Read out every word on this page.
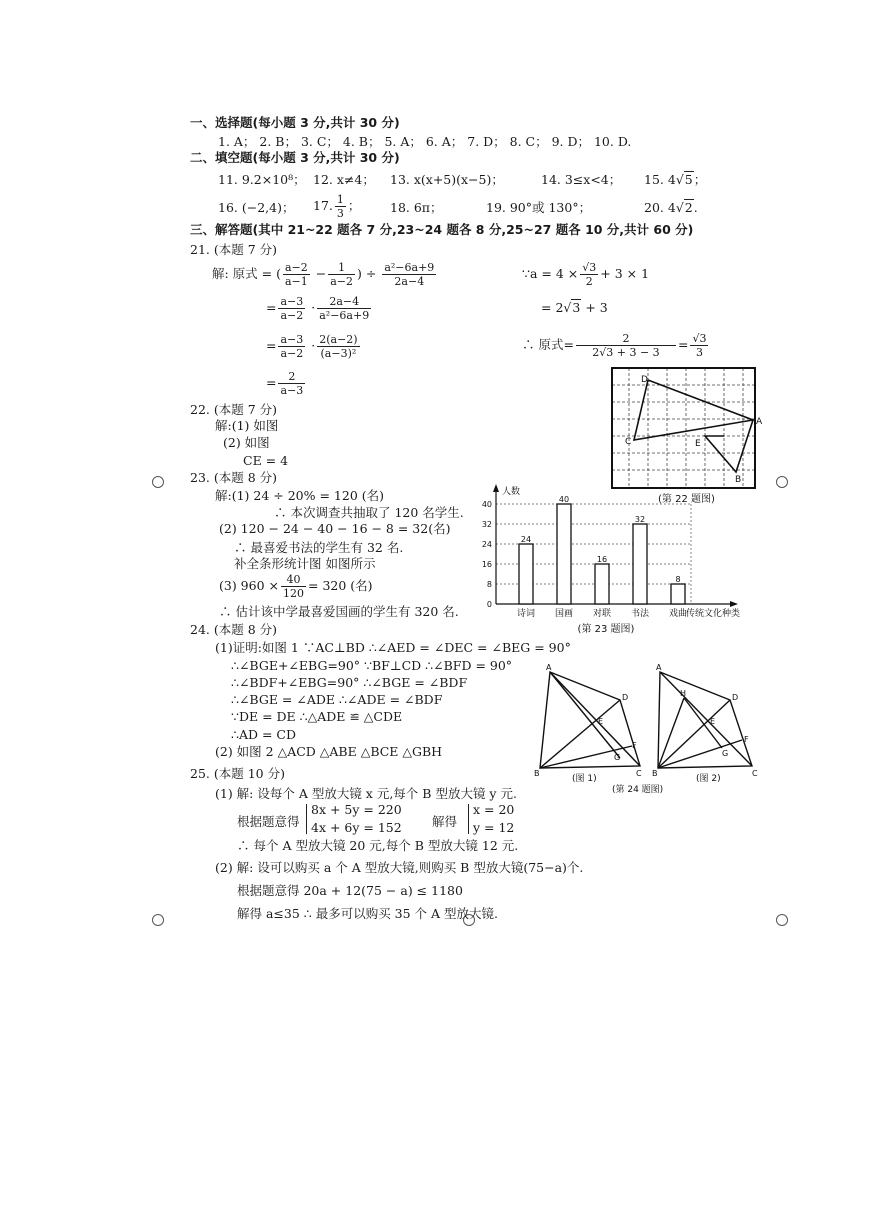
一、选择题(每小题 3 分,共计 30 分)
1. A； 2. B； 3. C； 4. B； 5. A； 6. A； 7. D； 8. C； 9. D； 10. D.
二、填空题(每小题 3 分,共计 30 分)
11. 9.2×10⁸； 12. x≠4； 13. x(x+5)(x−5)；	14. 3≤x<4； 15. 4√5；
16. (−2,4)； 17. $\frac{1}{3}$ ； 18. 6π；	19. 90°或 130°；	20. 4√2.
三、解答题(其中 21~22 题各 7 分,23~24 题各 8 分,25~27 题各 10 分,共计 60 分)
21. (本题 7 分)
解: 原式 = ( $\frac{a-2}{a-1} - \frac{1}{a-2}$ ) ÷ $\frac{\text{a²−6a+9}}{2a-4}$
= $\frac{a-3}{a-2} \cdot \frac{2a-4}{\text{a²−6a+9}}$
= $\frac{a-3}{a-2} \cdot \frac{2(a-2)}{\text{(a−3)²}}$
= $\frac{2}{a-3}$
∵a = $4 \times \frac{√3}{2} + 3 \times 1$
= 2√3 + 3
∴ 原式= $\frac{2}{2√3 + 3 - 3} = \frac{√3}{3}$
22. (本题 7 分)
解:(1) 如图
(2) 如图
CE = 4
D
A
C	E
B
(第 22 题图)
23. (本题 8 分)
解:(1) 24 ÷ 20% = 120 (名)
∴ 本次调查共抽取了 120 名学生.
(2) 120 − 24 − 40 − 16 − 8 = 32(名)
∴ 最喜爱书法的学生有 32 名.
补全条形统计图 如图所示
(3) $960 \times \frac{40}{120} = 320$ (名)
∴ 估计该中学最喜爱国画的学生有 320 名.	0
8
16
24
32
40
人数
传统文化种类
24
诗词
40
国画
16
对联
32
书法
8
戏曲
(第 23 题图)
24. (本题 8 分)
(1)证明:如图 1 ∵AC⊥BD ∴∠AED = ∠DEC = ∠BEG = 90°
∴∠BGE+∠EBG=90° ∵BF⊥CD ∴∠BFD = 90°
∴∠BDF+∠EBG=90° ∴∠BGE = ∠BDF
∴∠BGE = ∠ADE ∴∠ADE = ∠BDF
∵DE = DE ∴△ADE ≌ △CDE
∴AD = CD
(2) 如图 2 △ACD △ABE △BCE △GBH
A
D
E
F
G
B	C
A
H	D
E
F
G
B	C
(图 1)
(第 24 题图)
(图 2)
25. (本题 10 分)
(1) 解: 设每个 A 型放大镜 x 元,每个 B 型放大镜 y 元.
根据题意得
8x + 5y = 220
4x + 6y = 152 解得
x = 20
y = 12
∴ 每个 A 型放大镜 20 元,每个 B 型放大镜 12 元.
(2) 解: 设可以购买 a 个 A 型放大镜,则购买 B 型放大镜(75−a)个.
根据题意得 20a + 12(75 − a) ≤ 1180
解得 a≤35 ∴ 最多可以购买 35 个 A 型放大镜.
